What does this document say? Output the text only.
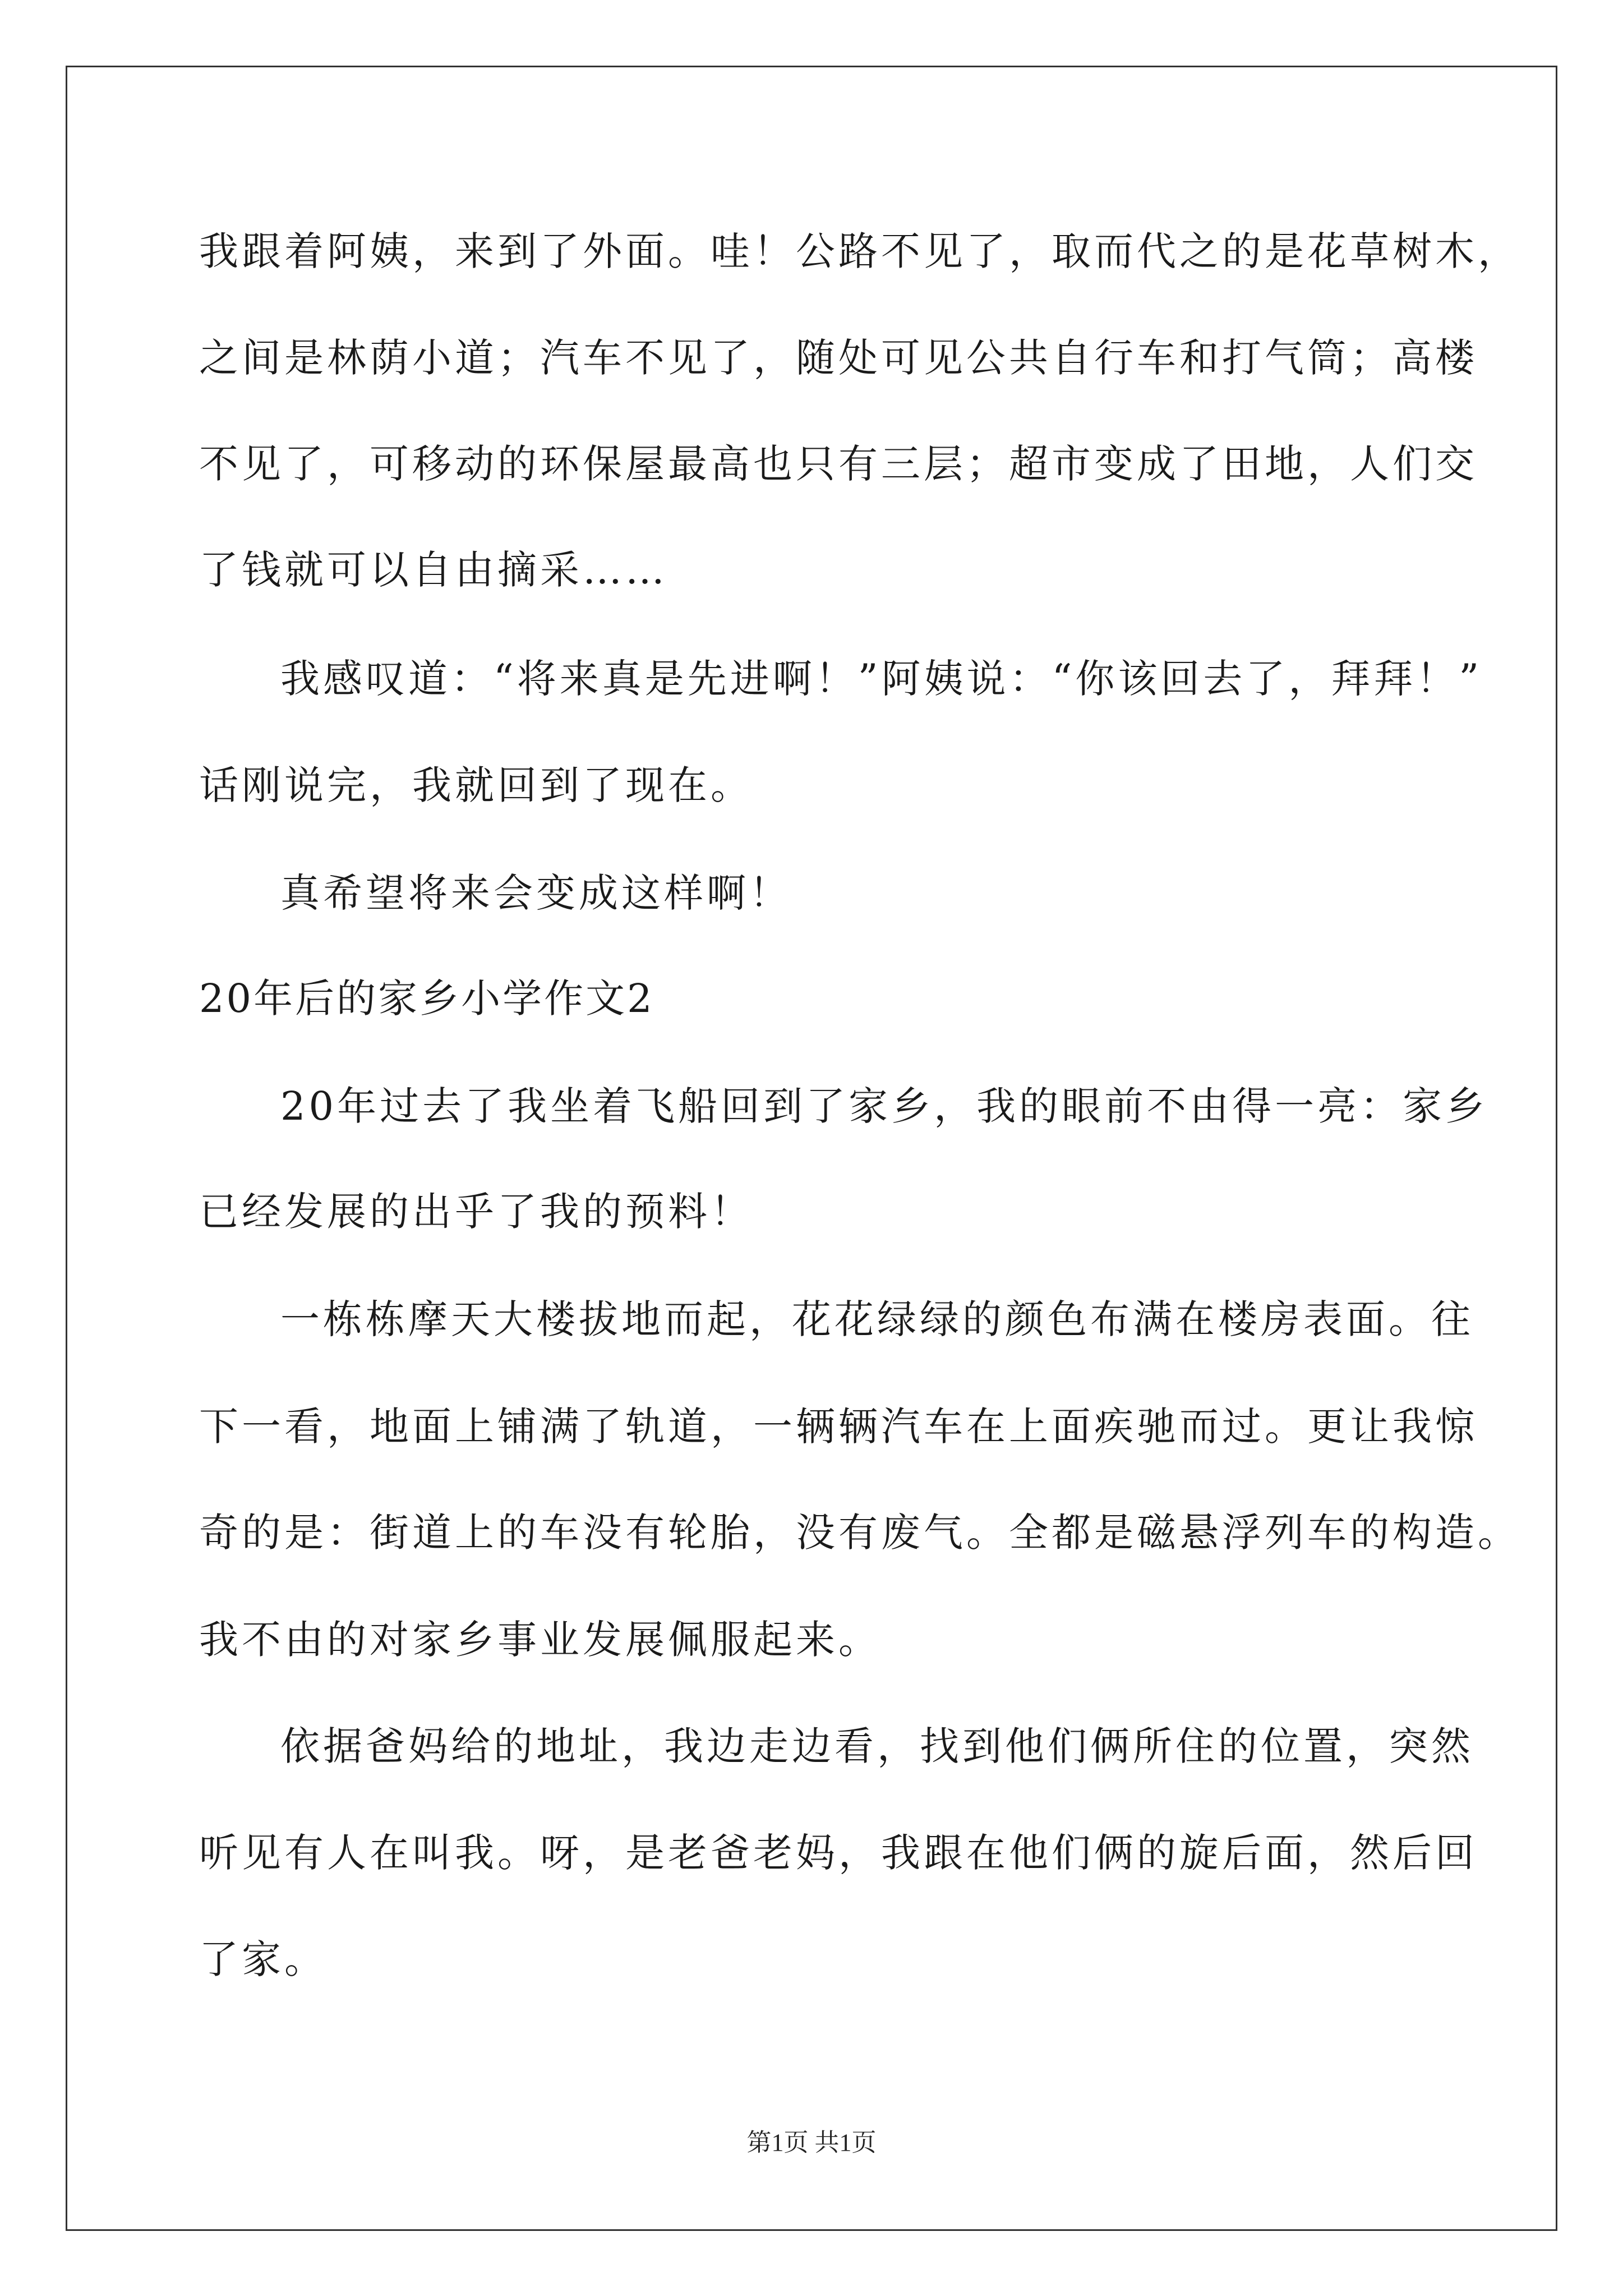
我跟着阿姨，来到了外面。哇！公路不见了，取而代之的是花草树木，
之间是林荫小道；汽车不见了，随处可见公共自行车和打气筒；高楼
不见了，可移动的环保屋最高也只有三层；超市变成了田地，人们交
了钱就可以自由摘采……
我感叹道：“将来真是先进啊！”阿姨说：“你该回去了，拜拜！”
话刚说完，我就回到了现在。
真希望将来会变成这样啊！
20年后的家乡小学作文2
20年过去了我坐着飞船回到了家乡，我的眼前不由得一亮：家乡
已经发展的出乎了我的预料！
一栋栋摩天大楼拔地而起，花花绿绿的颜色布满在楼房表面。往
下一看，地面上铺满了轨道，一辆辆汽车在上面疾驰而过。更让我惊
奇的是：街道上的车没有轮胎，没有废气。全都是磁悬浮列车的构造。
我不由的对家乡事业发展佩服起来。
依据爸妈给的地址，我边走边看，找到他们俩所住的位置，突然
听见有人在叫我。呀，是老爸老妈，我跟在他们俩的旋后面，然后回
了家。
第1页 共1页
